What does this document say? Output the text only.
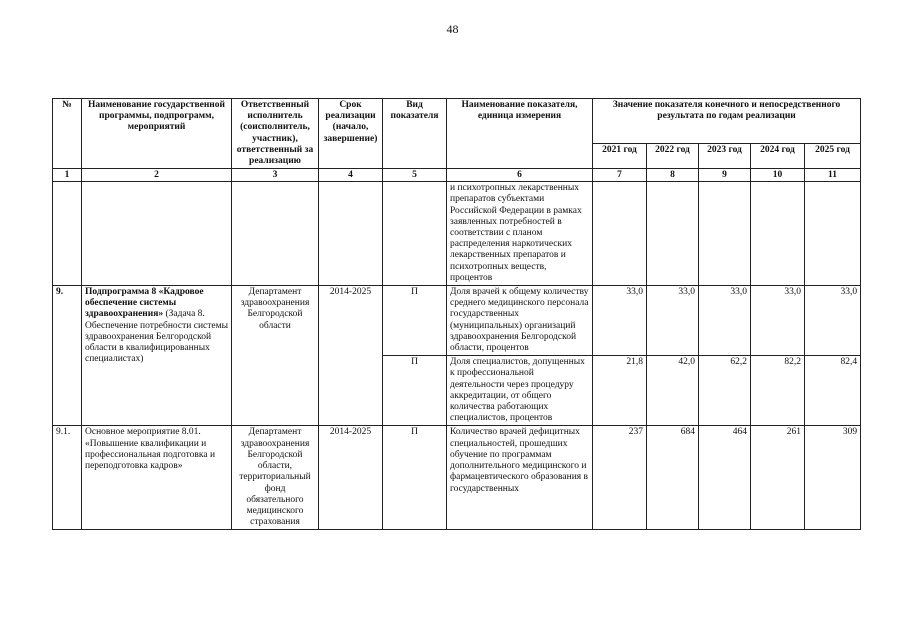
48
№	Наименование государственной программы, подпрограмм, мероприятий	Ответственный исполнитель (соисполнитель, участник), ответственный за реализацию	Срок реализации (начало, завершение)	Вид показателя	Наименование показателя, единица измерения	Значение показателя конечного и непосредственного результата по годам реализации				
						2021 год	2022 год	2023 год	2024 год	2025 год
1	2	3	4	5	6	7	8	9	10	11
					и психотропных лекарственных препаратов субъектами Российской Федерации в рамках заявленных потребностей в соответствии с планом распределения наркотических лекарственных препаратов и психотропных веществ, процентов					
9.	Подпрограмма 8 «Кадровое обеспечение системы здравоохранения» (Задача 8. Обеспечение потребности системы здравоохранения Белгородской области в квалифицированных специалистах)	Департамент здравоохранения Белгородской области	2014-2025	П	Доля врачей к общему количеству среднего медицинского персонала государственных (муниципальных) организаций здравоохранения Белгородской области, процентов	33,0	33,0	33,0	33,0	33,0
				П	Доля специалистов, допущенных к профессиональной деятельности через процедуру аккредитации, от общего количества работающих специалистов, процентов	21,8	42,0	62,2	82,2	82,4
9.1.	Основное мероприятие 8.01. «Повышение квалификации и профессиональная подготовка и переподготовка кадров»	Департамент здравоохранения Белгородской области, территориальный фонд обязательного медицинского страхования	2014-2025	П	Количество врачей дефицитных специальностей, прошедших обучение по программам дополнительного медицинского и фармацевтического образования в государственных	237	684	464	261	309
